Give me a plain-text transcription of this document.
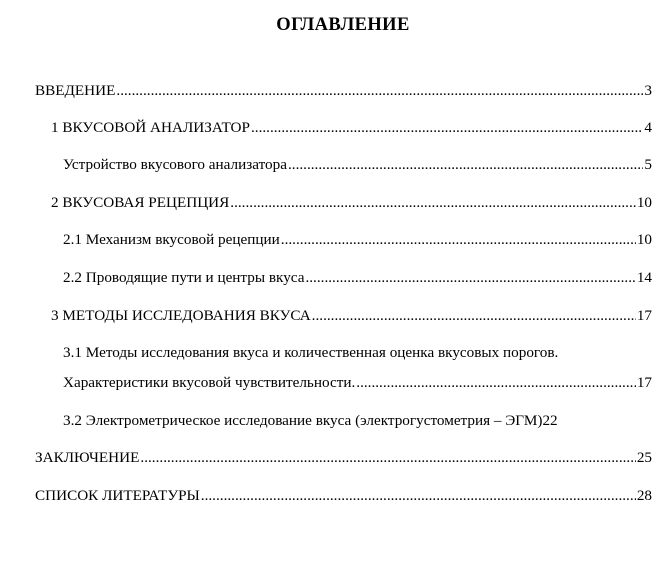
ОГЛАВЛЕНИЕ
ВВЕДЕНИЕ .....	3
1 ВКУСОВОЙ АНАЛИЗАТОР .....	4
Устройство вкусового анализатора .....	5
2 ВКУСОВАЯ РЕЦЕПЦИЯ .....	10
2.1 Механизм вкусовой рецепции .....	10
2.2 Проводящие пути и центры вкуса .....	14
3 МЕТОДЫ ИССЛЕДОВАНИЯ ВКУСА .....	17
3.1 Методы исследования вкуса и количественная оценка вкусовых порогов.
Характеристики вкусовой чувствительности. .....	17
3.2 Электрометрическое исследование вкуса (электрогустометрия – ЭГМ) 22
ЗАКЛЮЧЕНИЕ .....	25
СПИСОК ЛИТЕРАТУРЫ .....	28
